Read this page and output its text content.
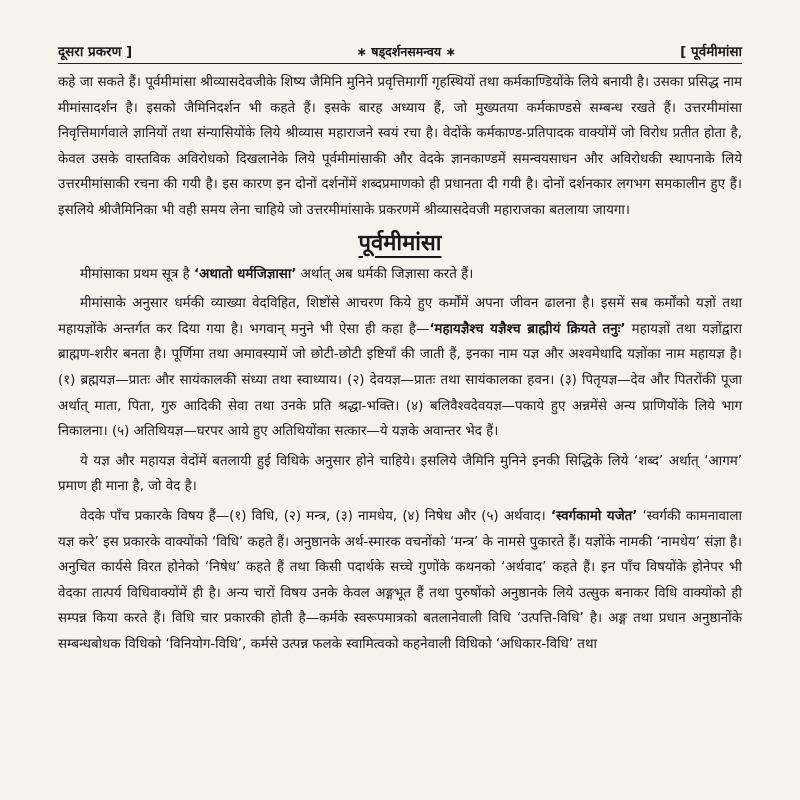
दूसरा प्रकरण ]	∗ षड्दर्शनसमन्वय ∗	[ पूर्वमीमांसा

कहे जा सकते हैं। पूर्वमीमांसा श्रीव्यासदेवजीके शिष्य जैमिनि मुनिने प्रवृत्तिमार्गी गृहस्थियों तथा कर्मकाण्डियोंके लिये बनायी है। उसका प्रसिद्ध नाम मीमांसादर्शन है। इसको जैमिनिदर्शन भी कहते हैं। इसके बारह अध्याय हैं, जो मुख्यतया कर्मकाण्डसे सम्बन्ध रखते हैं। उत्तरमीमांसा निवृत्तिमार्गवाले ज्ञानियों तथा संन्यासियोंके लिये श्रीव्यास महाराजने स्वयं रचा है। वेदोंके कर्मकाण्ड-प्रतिपादक वाक्योंमें जो विरोध प्रतीत होता है, केवल उसके वास्तविक अविरोधको दिखलानेके लिये पूर्वमीमांसाकी और वेदके ज्ञानकाण्डमें समन्वयसाधन और अविरोधकी स्थापनाके लिये उत्तरमीमांसाकी रचना की गयी है। इस कारण इन दोनों दर्शनोंमें शब्दप्रमाणको ही प्रधानता दी गयी है। दोनों दर्शनकार लगभग समकालीन हुए हैं। इसलिये श्रीजैमिनिका भी वही समय लेना चाहिये जो उत्तरमीमांसाके प्रकरणमें श्रीव्यासदेवजी महाराजका बतलाया जायगा।

पूर्वमीमांसा

मीमांसाका प्रथम सूत्र है ‘अथातो धर्मजिज्ञासा’ अर्थात् अब धर्मकी जिज्ञासा करते हैं।

मीमांसाके अनुसार धर्मकी व्याख्या वेदविहित, शिष्टोंसे आचरण किये हुए कर्मोंमें अपना जीवन ढालना है। इसमें सब कर्मोंको यज्ञों तथा महायज्ञोंके अन्तर्गत कर दिया गया है। भगवान् मनुने भी ऐसा ही कहा है—‘महायज्ञैश्च यज्ञैश्च ब्राह्मीयं क्रियते तनुः’ महायज्ञों तथा यज्ञोंद्वारा ब्राह्मण-शरीर बनता है। पूर्णिमा तथा अमावस्यामें जो छोटी-छोटी इष्टियाँ की जाती हैं, इनका नाम यज्ञ और अश्वमेधादि यज्ञोंका नाम महायज्ञ है। (१) ब्रह्मयज्ञ—प्रातः और सायंकालकी संध्या तथा स्वाध्याय। (२) देवयज्ञ—प्रातः तथा सायंकालका हवन। (३) पितृयज्ञ—देव और पितरोंकी पूजा अर्थात् माता, पिता, गुरु आदिकी सेवा तथा उनके प्रति श्रद्धा-भक्ति। (४) बलिवैश्वदेवयज्ञ—पकाये हुए अन्नमेंसे अन्य प्राणियोंके लिये भाग निकालना। (५) अतिथियज्ञ—घरपर आये हुए अतिथियोंका सत्कार—ये यज्ञके अवान्तर भेद हैं।

ये यज्ञ और महायज्ञ वेदोंमें बतलायी हुई विधिके अनुसार होने चाहिये। इसलिये जैमिनि मुनिने इनकी सिद्धिके लिये ‘शब्द’ अर्थात् ‘आगम’ प्रमाण ही माना है, जो वेद है।

वेदके पाँच प्रकारके विषय हैं—(१) विधि, (२) मन्त्र, (३) नामधेय, (४) निषेध और (५) अर्थवाद। ‘स्वर्गकामो यजेत’ ‘स्वर्गकी कामनावाला यज्ञ करे’ इस प्रकारके वाक्योंको ‘विधि’ कहते हैं। अनुष्ठानके अर्थ-स्मारक वचनोंको ‘मन्त्र’ के नामसे पुकारते हैं। यज्ञोंके नामकी ‘नामधेय’ संज्ञा है। अनुचित कार्यसे विरत होनेको ‘निषेध’ कहते हैं तथा किसी पदार्थके सच्चे गुणोंके कथनको ‘अर्थवाद’ कहते हैं। इन पाँच विषयोंके होनेपर भी वेदका तात्पर्य विधिवाक्योंमें ही है। अन्य चारों विषय उनके केवल अङ्गभूत हैं तथा पुरुषोंको अनुष्ठानके लिये उत्सुक बनाकर विधि वाक्योंको ही सम्पन्न किया करते हैं। विधि चार प्रकारकी होती है—कर्मके स्वरूपमात्रको बतलानेवाली विधि ‘उत्पत्ति-विधि’ है। अङ्ग तथा प्रधान अनुष्ठानोंके सम्बन्धबोधक विधिको ‘विनियोग-विधि’, कर्मसे उत्पन्न फलके स्वामित्वको कहनेवाली विधिको ‘अधिकार-विधि’ तथा
